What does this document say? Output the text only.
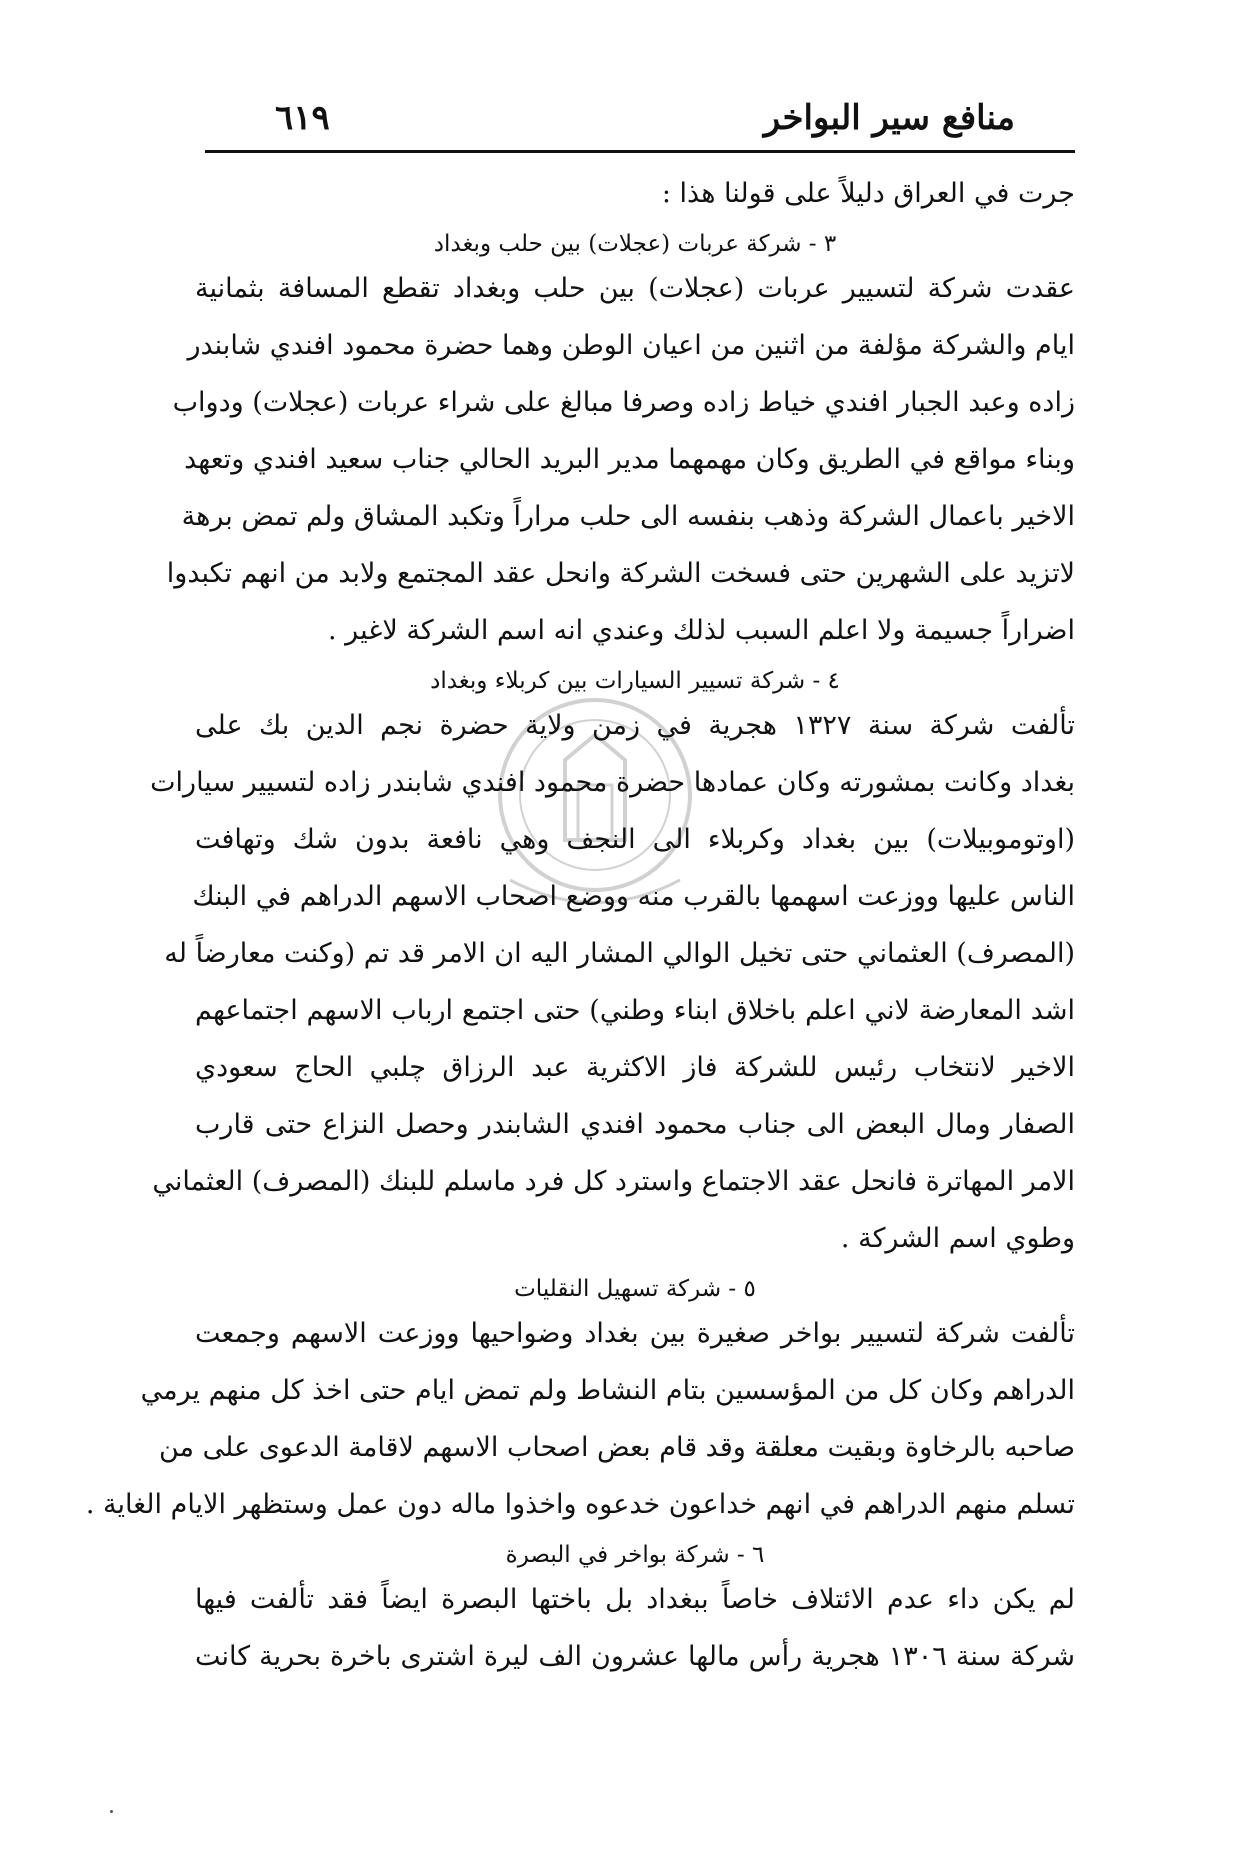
منافع سير البواخر
٦١٩
جرت في العراق دليلاً على قولنا هذا :
٣ - شركة عربات (عجلات) بين حلب وبغداد
عقدت شركة لتسيير عربات (عجلات) بين حلب وبغداد تقطع المسافة بثمانية
ايام والشركة مؤلفة من اثنين من اعيان الوطن وهما حضرة محمود افندي شابندر
زاده وعبد الجبار افندي خياط زاده وصرفا مبالغ على شراء عربات (عجلات) ودواب
وبناء مواقع في الطريق وكان مهمهما مدير البريد الحالي جناب سعيد افندي وتعهد
الاخير باعمال الشركة وذهب بنفسه الى حلب مراراً وتكبد المشاق ولم تمض برهة
لاتزيد على الشهرين حتى فسخت الشركة وانحل عقد المجتمع ولابد من انهم تكبدوا
اضراراً جسيمة ولا اعلم السبب لذلك وعندي انه اسم الشركة لاغير .
٤ - شركة تسيير السيارات بين كربلاء وبغداد
تألفت شركة سنة ١٣٢٧ هجرية في زمن ولاية حضرة نجم الدين بك على
بغداد وكانت بمشورته وكان عمادها حضرة محمود افندي شابندر زاده لتسيير سيارات
(اوتوموبيلات) بين بغداد وكربلاء الى النجف وهي نافعة بدون شك وتهافت
الناس عليها ووزعت اسهمها بالقرب منه ووضع اصحاب الاسهم الدراهم في البنك
(المصرف) العثماني حتى تخيل الوالي المشار اليه ان الامر قد تم (وكنت معارضاً له
اشد المعارضة لاني اعلم باخلاق ابناء وطني) حتى اجتمع ارباب الاسهم اجتماعهم
الاخير لانتخاب رئيس للشركة فاز الاكثرية عبد الرزاق چلبي الحاج سعودي
الصفار ومال البعض الى جناب محمود افندي الشابندر وحصل النزاع حتى قارب
الامر المهاترة فانحل عقد الاجتماع واسترد كل فرد ماسلم للبنك (المصرف) العثماني
وطوي اسم الشركة .
٥ - شركة تسهيل النقليات
تألفت شركة لتسيير بواخر صغيرة بين بغداد وضواحيها ووزعت الاسهم وجمعت
الدراهم وكان كل من المؤسسين بتام النشاط ولم تمض ايام حتى اخذ كل منهم يرمي
صاحبه بالرخاوة وبقيت معلقة وقد قام بعض اصحاب الاسهم لاقامة الدعوى على من
تسلم منهم الدراهم في انهم خداعون خدعوه واخذوا ماله دون عمل وستظهر الايام الغاية .
٦ - شركة بواخر في البصرة
لم يكن داء عدم الائتلاف خاصاً ببغداد بل باختها البصرة ايضاً فقد تألفت فيها
شركة سنة ١٣٠٦ هجرية رأس مالها عشرون الف ليرة اشترى باخرة بحرية كانت
